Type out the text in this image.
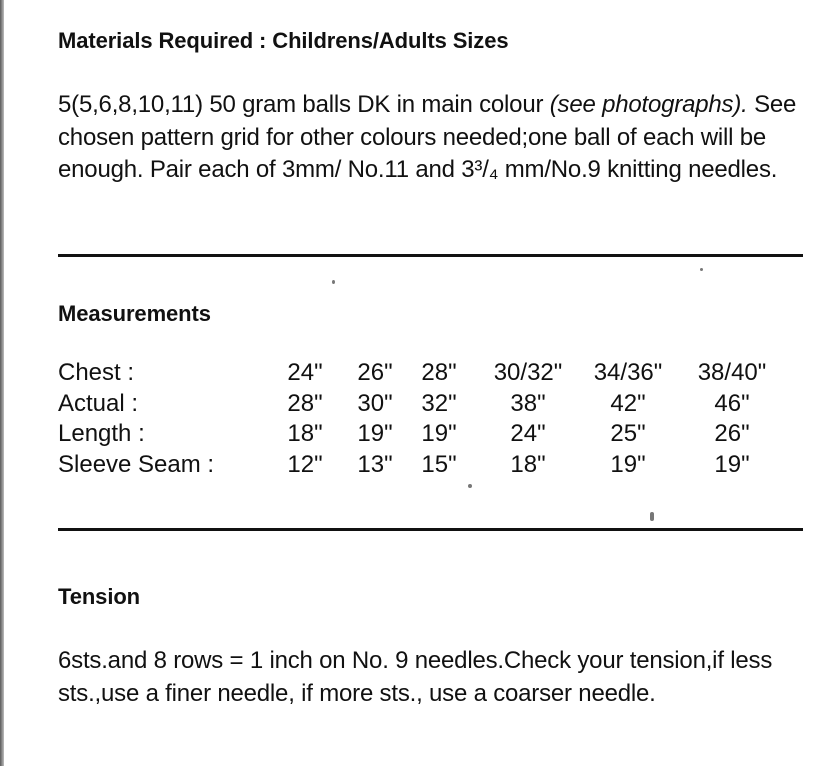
Materials Required : Childrens/Adults Sizes

5(5,6,8,10,11) 50 gram balls DK in main colour (see photographs). See chosen pattern grid for other colours needed;one ball of each will be enough. Pair each of 3mm/ No.11 and 3³/₄ mm/No.9 knitting needles.

Measurements
Chest :	24"	26"	28"	30/32"	34/36"	38/40"
Actual :	28"	30"	32"	38"	42"	46"
Length :	18"	19"	19"	24"	25"	26"
Sleeve Seam :	12"	13"	15"	18"	19"	19"
Tension

6sts.and 8 rows = 1 inch on No. 9 needles.Check your tension,if less sts.,use a finer needle, if more sts., use a coarser needle.
